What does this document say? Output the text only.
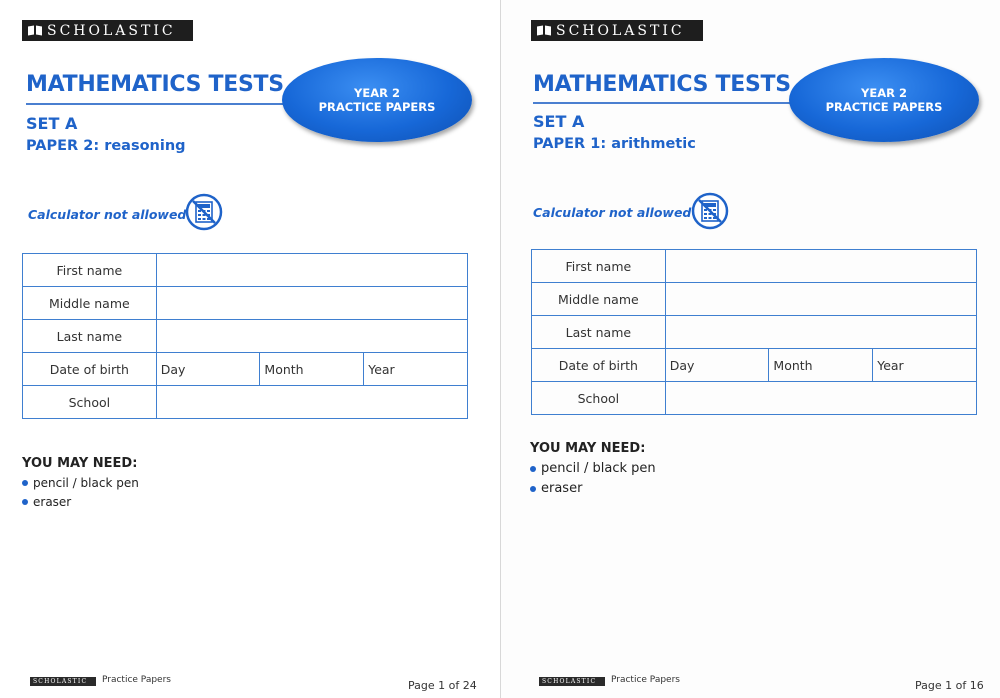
SCHOLASTIC
MATHEMATICS TESTS	YEAR 2
PRACTICE PAPERS
SET A
PAPER 2: reasoning
Calculator not allowed
First name			
Middle name			
Last name			
Date of birth	Day	Month	Year
School			
YOU MAY NEED:
pencil / black pen
eraser
SCHOLASTIC	Practice Papers	Page 1 of 24
SCHOLASTIC
MATHEMATICS TESTS	YEAR 2
PRACTICE PAPERS
SET A
PAPER 1: arithmetic
Calculator not allowed
First name			
Middle name			
Last name			
Date of birth	Day	Month	Year
School			
YOU MAY NEED:
pencil / black pen
eraser
SCHOLASTIC	Practice Papers	Page 1 of 16
